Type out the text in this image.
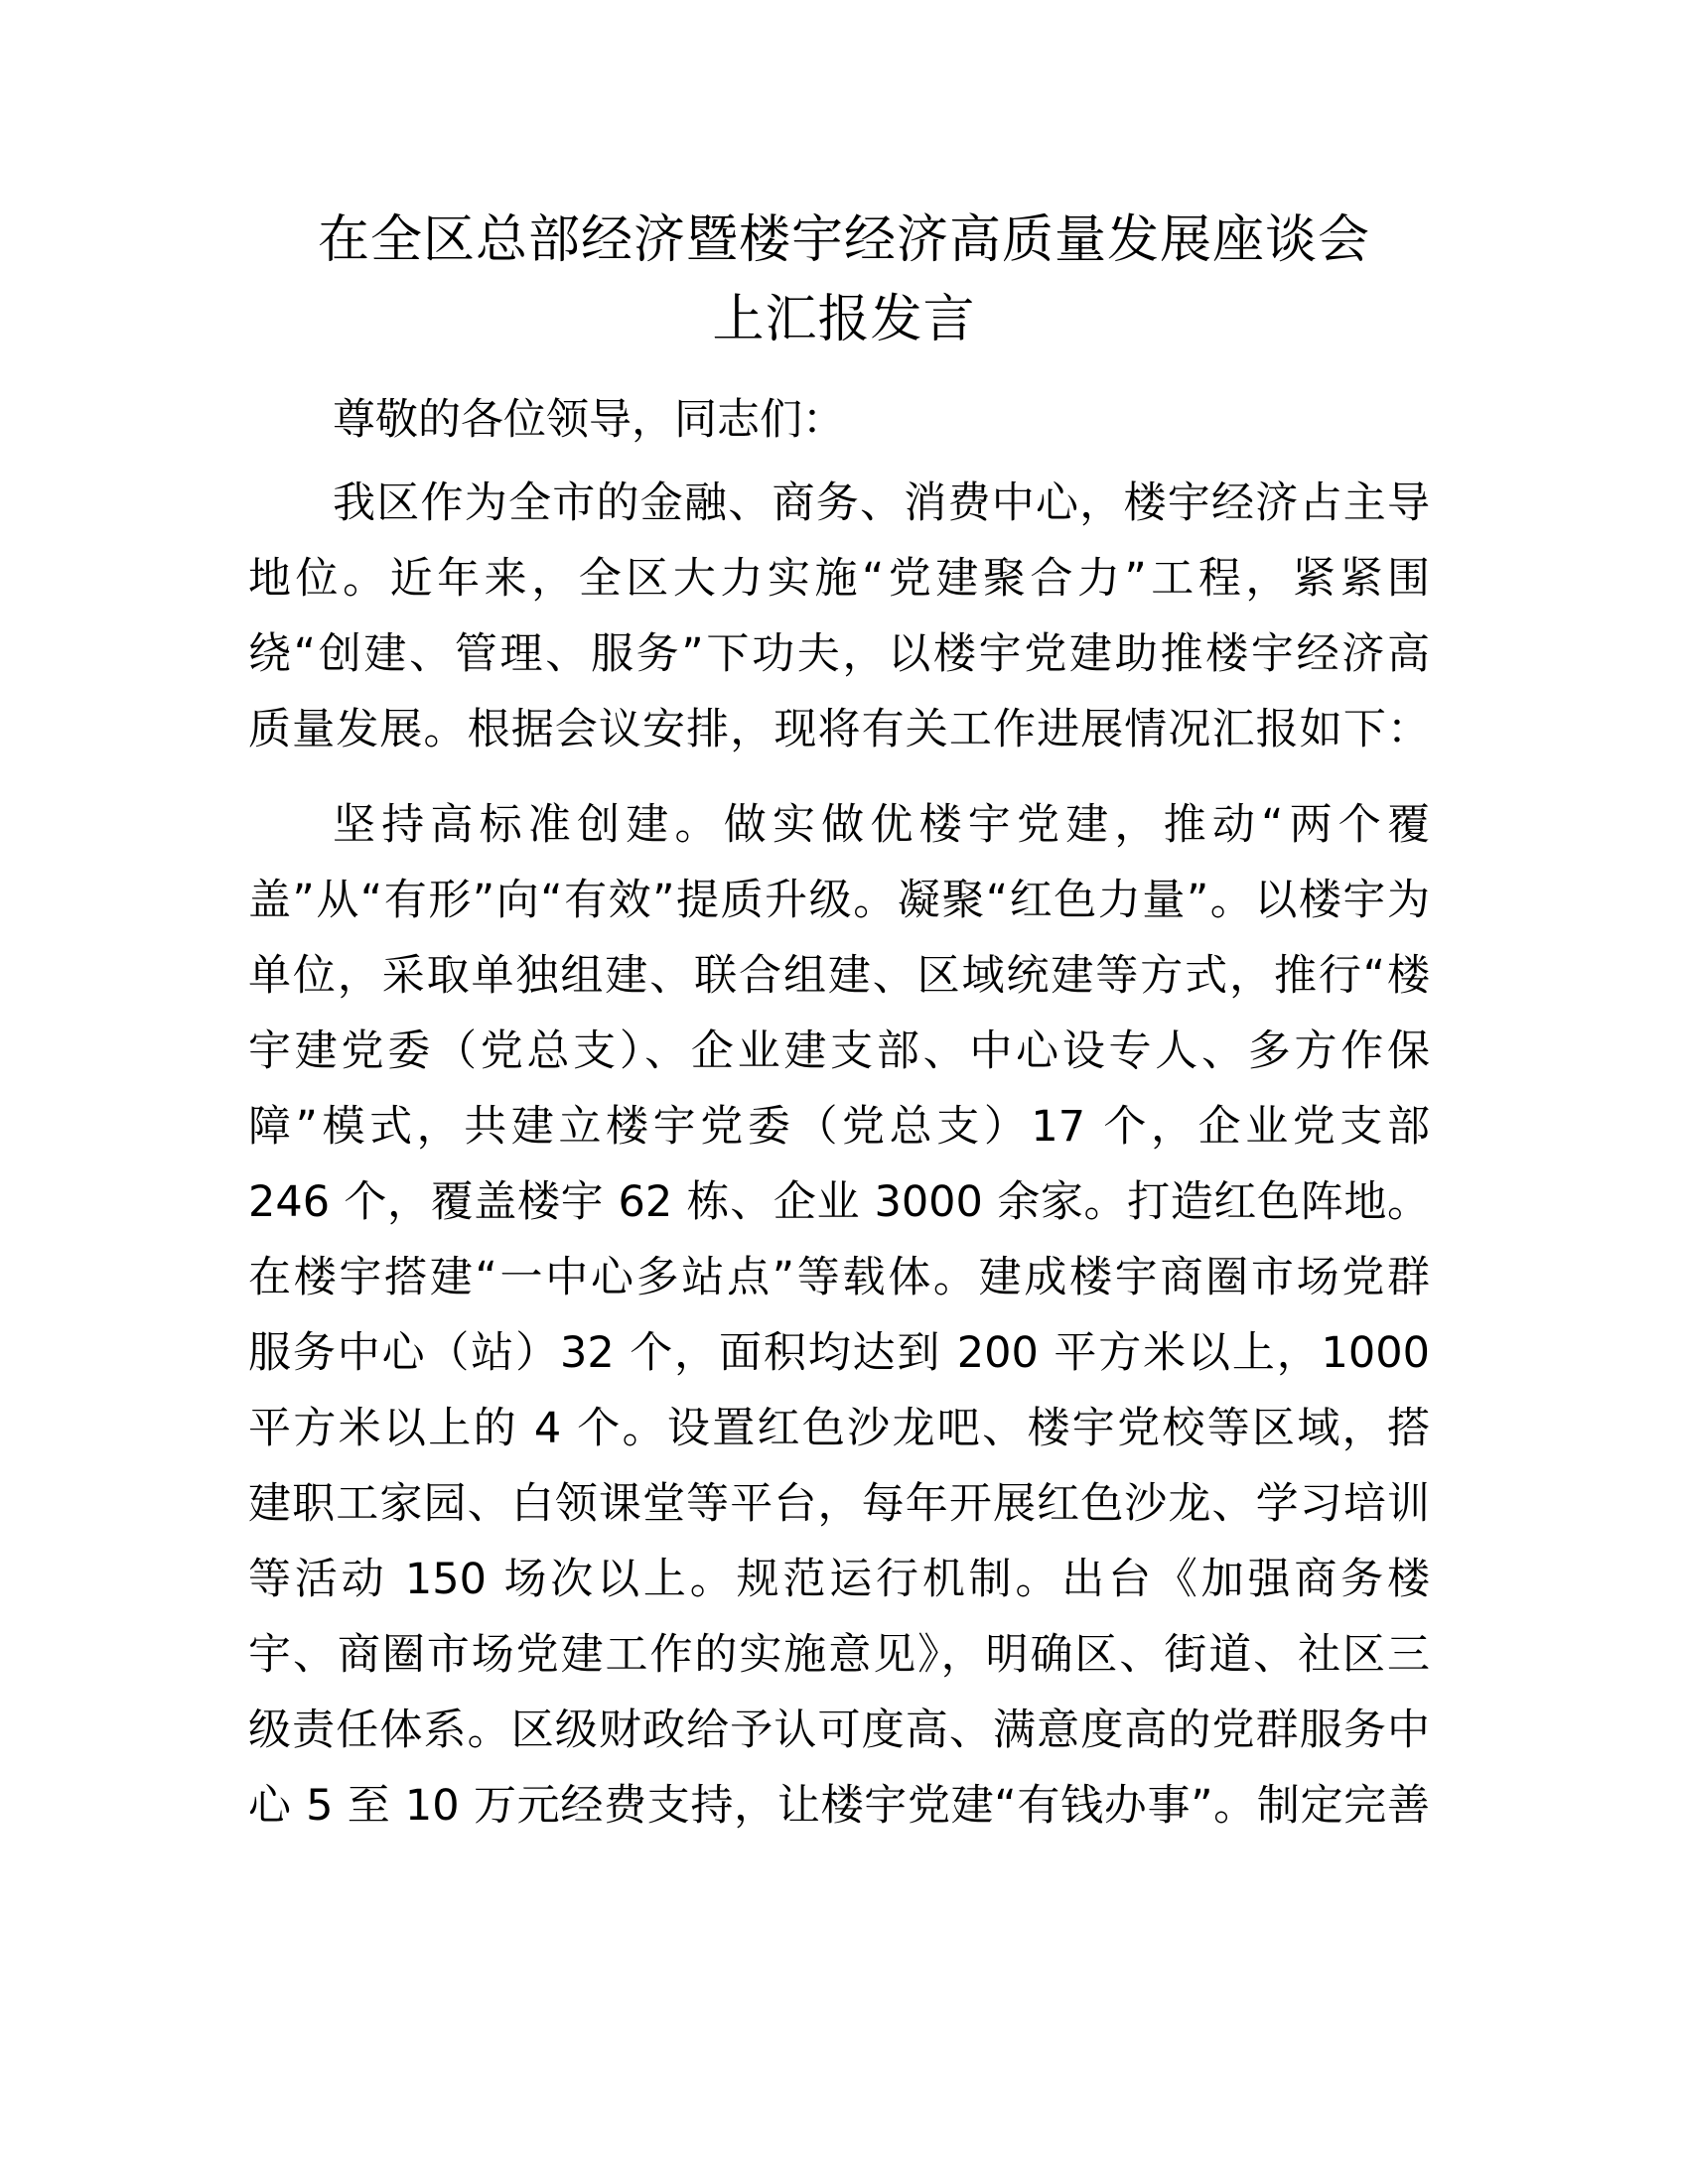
在全区总部经济暨楼宇经济高质量发展座谈会
上汇报发言
尊敬的各位领导，同志们：
我区作为全市的金融、商务、消费中心，楼宇经济占主导
地位。近年来，全区大力实施“党建聚合力”工程，紧紧围
绕“创建、管理、服务”下功夫，以楼宇党建助推楼宇经济高
质量发展。根据会议安排，现将有关工作进展情况汇报如下：
坚持高标准创建。做实做优楼宇党建，推动“两个覆
盖”从“有形”向“有效”提质升级。凝聚“红色力量”。以楼宇为
单位，采取单独组建、联合组建、区域统建等方式，推行“楼
宇建党委（党总支）、企业建支部、中心设专人、多方作保
障”模式，共建立楼宇党委（党总支）17 个，企业党支部
246 个，覆盖楼宇 62 栋、企业 3000 余家。打造红色阵地。
在楼宇搭建“一中心多站点”等载体。建成楼宇商圈市场党群
服务中心（站）32 个，面积均达到 200 平方米以上，1000
平方米以上的 4 个。设置红色沙龙吧、楼宇党校等区域，搭
建职工家园、白领课堂等平台，每年开展红色沙龙、学习培训
等活动 150 场次以上。规范运行机制。出台《加强商务楼
宇、商圈市场党建工作的实施意见》，明确区、街道、社区三
级责任体系。区级财政给予认可度高、满意度高的党群服务中
心 5 至 10 万元经费支持，让楼宇党建“有钱办事”。制定完善
